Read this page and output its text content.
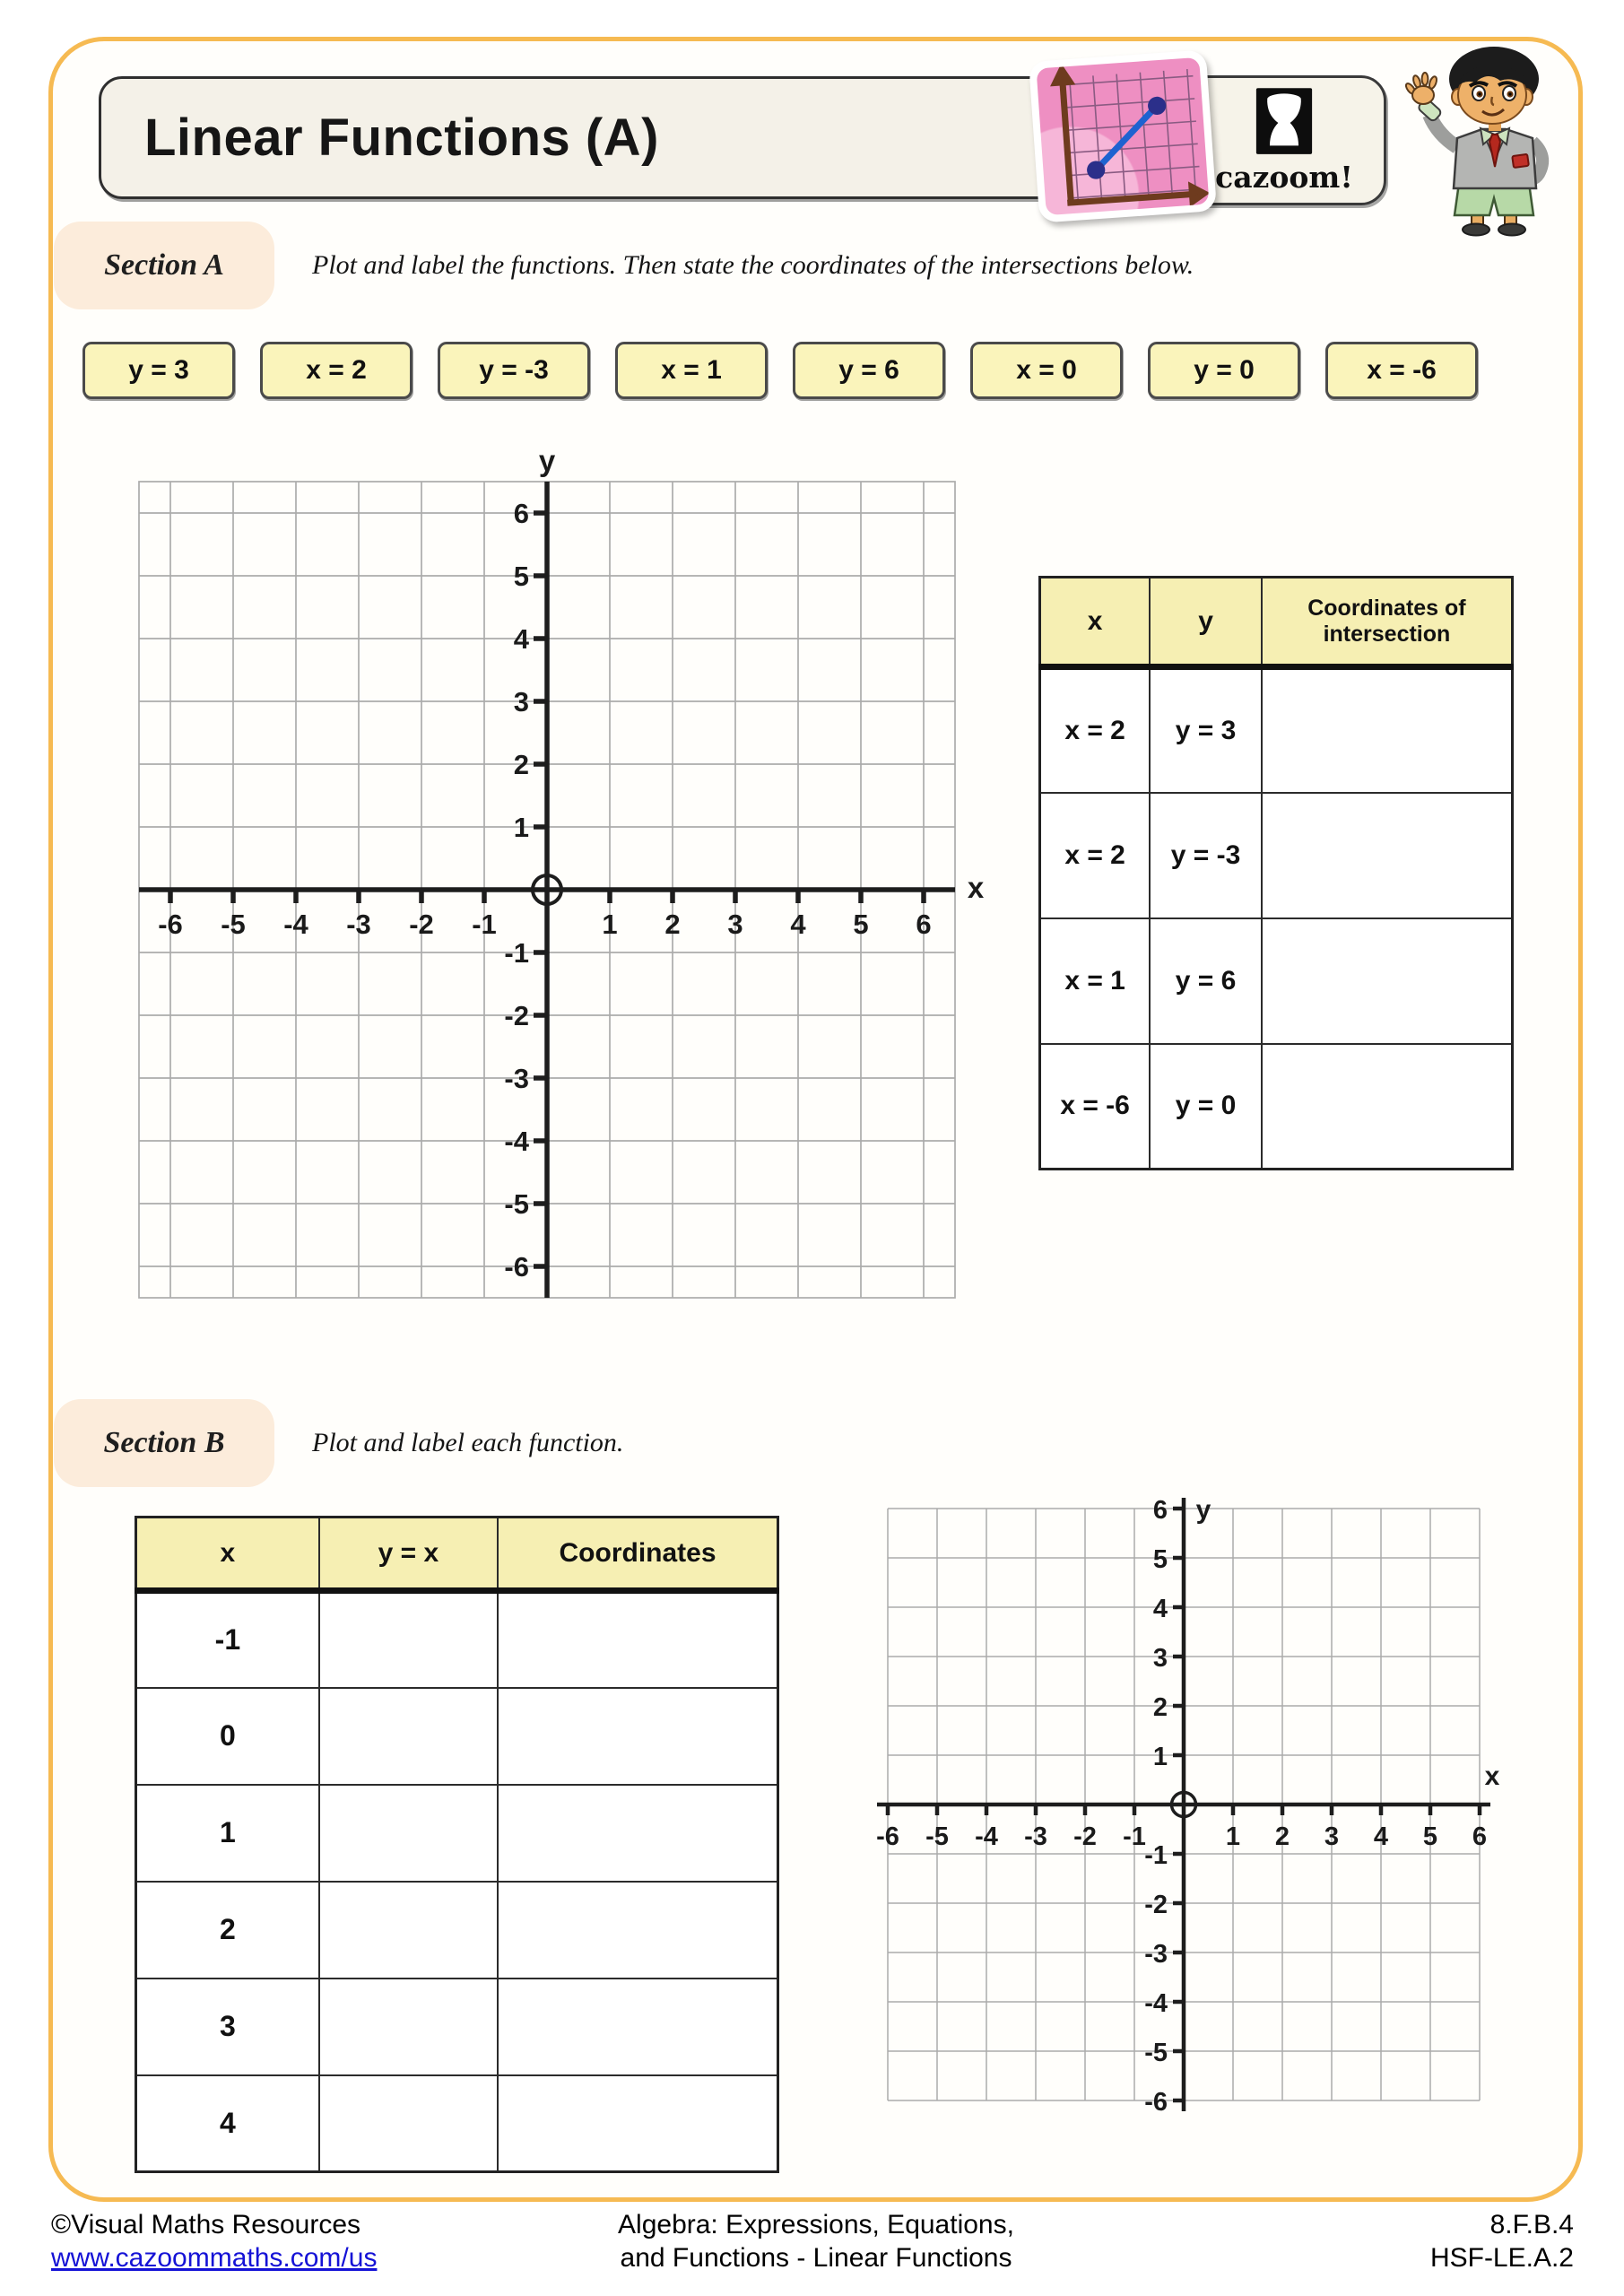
Linear Functions (A)
cazoom!
Section A	Plot and label the functions. Then state the coordinates of the intersections below.
y = 3	x = 2	y = -3	x = 1	y = 6	x = 0	y = 0	x = -6
-6 -5 -4 -3 -2 -1	1 2 3 4 5 6
-6
-5
-4
-3
-2
-1
1
2
3
4
5
6
x
y
x	y	Coordinates of intersection
x = 2	y = 3	
x = 2	y = -3	
x = 1	y = 6	
x = -6	y = 0	
Section B	Plot and label each function.
x	y = x	Coordinates
-1		
0		
1		
2		
3		
4		
-6 -5 -4 -3 -2 -1	1 2 3 4 5 6
-6
-5
-4
-3
-2
-1
1
2
3
4
5
6
x
y
©Visual Maths Resources
www.cazoommaths.com/us
Algebra: Expressions, Equations,
and Functions - Linear Functions
8.F.B.4
HSF-LE.A.2
